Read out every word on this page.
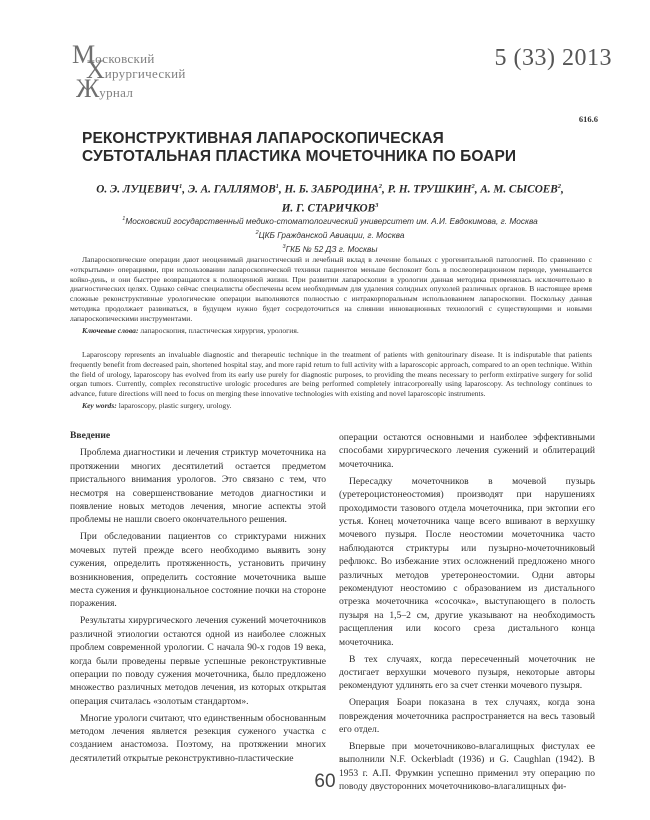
Московский
Хирургический
Журнал
5 (33) 2013
616.6
РЕКОНСТРУКТИВНАЯ ЛАПАРОСКОПИЧЕСКАЯ СУБТОТАЛЬНАЯ ПЛАСТИКА МОЧЕТОЧНИКА ПО БОАРИ
О. Э. ЛУЦЕВИЧ$^1$, Э. А. ГАЛЛЯМОВ$^1$, Н. Б. ЗАБРОДИНА$^2$, Р. Н. ТРУШКИН$^2$, А. М. СЫСОЕВ$^2$,
И. Г. СТАРИЧКОВ$^3$
$^1$Московский государственный медико-стоматологический университет им. А.И. Евдокимова, г. Москва
$^2$ЦКБ Гражданской Авиации, г. Москва
$^3$ГКБ № 52 ДЗ г. Москвы

Лапароскопические операции дают неоценимый диагностический и лечебный вклад в лечение больных с урогенитальной патологией. По сравнению с «открытыми» операциями, при использовании лапароскопической техники пациентов меньше беспокоит боль в послеоперационном периоде, уменьшается койко-день, и они быстрее возвращаются к полноценной жизни. При развитии лапароскопии в урологии данная методика применялась исключительно в диагностических целях. Однако сейчас специалисты обеспечены всем необходимым для удаления солидных опухолей различных органов. В настоящее время сложные реконструктивные урологические операции выполняются полностью с интракорпоральным использованием лапароскопии. Поскольку данная методика продолжает развиваться, в будущем нужно будет сосредоточиться на слиянии инновационных технологий с существующими и новыми лапароскопическими инструментами.

Ключевые слова: лапароскопия, пластическая хирургия, урология.

Laparoscopy represents an invaluable diagnostic and therapeutic technique in the treatment of patients with genitourinary disease. It is indisputable that patients frequently benefit from decreased pain, shortened hospital stay, and more rapid return to full activity with a laparoscopic approach, compared to an open technique. Within the field of urology, laparoscopy has evolved from its early use purely for diagnostic purposes, to providing the means necessary to perform extirpative surgery for solid organ tumors. Currently, complex reconstructive urologic procedures are being performed completely intracorporeally using laparoscopy. As technology continues to advance, future directions will need to focus on merging these innovative technologies with existing and novel laparoscopic instruments.

Key words: laparoscopy, plastic surgery, urology.

Введение

Проблема диагностики и лечения стриктур мочеточника на протяжении многих десятилетий остается предметом пристального внимания урологов. Это связано с тем, что несмотря на совершенствование методов диагностики и появление новых методов лечения, многие аспекты этой проблемы не нашли своего окончательного решения.

При обследовании пациентов со стриктурами нижних мочевых путей прежде всего необходимо выявить зону сужения, определить протяженность, установить причину возникновения, определить состояние мочеточника выше места сужения и функциональное состояние почки на стороне поражения.

Результаты хирургического лечения сужений мочеточников различной этиологии остаются одной из наиболее сложных проблем современной урологии. С начала 90-х годов 19 века, когда были проведены первые успешные реконструктивные операции по поводу сужения мочеточника, было предложено множество различных методов лечения, из которых открытая операция считалась «золотым стандартом».

Многие урологи считают, что единственным обоснованным методом лечения является резекция суженого участка с созданием анастомоза. Поэтому, на протяжении многих десятилетий открытые реконструктивно-пластические

операции остаются основными и наиболее эффективными способами хирургического лечения сужений и облитераций мочеточника.

Пересадку мочеточников в мочевой пузырь (уретероцистонеостомия) производят при нарушениях проходимости тазового отдела мочеточника, при эктопии его устья. Конец мочеточника чаще всего вшивают в верхушку мочевого пузыря. После неостомии мочеточника часто наблюдаются стриктуры или пузырно-мочеточниковый рефлюкс. Во избежание этих осложнений предложено много различных методов уретеронеостомии. Одни авторы рекомендуют неостомию с образованием из дистального отрезка мочеточника «сосочка», выступающего в полость пузыря на 1,5–2 см, другие указывают на необходимость расщепления или косого среза дистального конца мочеточника.

В тех случаях, когда пересеченный мочеточник не достигает верхушки мочевого пузыря, некоторые авторы рекомендуют удлинять его за счет стенки мочевого пузыря.

Операция Боари показана в тех случаях, когда зона повреждения мочеточника распространяется на весь тазовый его отдел.

Впервые при мочеточниково-влагалищных фистулах ее выполнили N.F. Ockerbladt (1936) и G. Caughlan (1942). В 1953 г. А.П. Фрумкин успешно применил эту операцию по поводу двусторонних мочеточниково-влагалищных фи-

60
